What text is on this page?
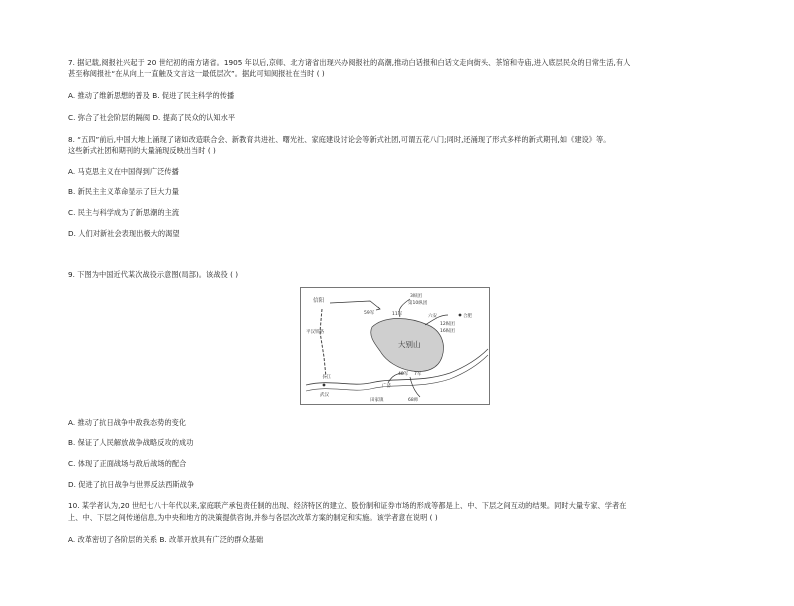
7. 据记载,阅报社兴起于 20 世纪初的南方诸省。1905 年以后,京师、北方诸省出现兴办阅报社的高潮,推动白话报和白话文走向街头、茶馆和寺庙,进入底层民众的日常生活,有人
甚至称阅报社“在从向上一直触及文言这一最低层次”。据此可知阅报社在当时 ( )
A. 推动了维新思想的普及 B. 促进了民主科学的传播
C. 弥合了社会阶层的隔阂 D. 提高了民众的认知水平
8. “五四”前后,中国大地上涌现了诸如改造联合会、新教育共进社、曙光社、家庭建设讨论会等新式社团,可谓五花八门;同时,还涌现了形式多样的新式期刊,如《建设》等。
这些新式社团和期刊的大量涌现反映出当时 ( )
A. 马克思主义在中国得到广泛传播
B. 新民主主义革命显示了巨大力量
C. 民主与科学成为了新思潮的主流
D. 人们对新社会表现出极大的渴望
9. 下图为中国近代某次战役示意图(局部)。该战役 ( )
信阳
59军
3纵团
第10纵团
11军	六安	合肥
12纵团
16纵团
平汉铁路
大别山
长江
武汉
广济
48军 7军
田家镇	68师
A. 推动了抗日战争中敌我态势的变化
B. 保证了人民解放战争战略反攻的成功
C. 体现了正面战场与敌后战场的配合
D. 促进了抗日战争与世界反法西斯战争
10. 某学者认为,20 世纪七八十年代以来,家庭联产承包责任制的出现、经济特区的建立、股份制和证券市场的形成等都是上、中、下层之间互动的结果。同时大量专家、学者在
上、中、下层之间传递信息,为中央和地方的决策提供咨询,并参与各层次改革方案的制定和实施。该学者意在说明 ( )
A. 改革密切了各阶层的关系 B. 改革开放具有广泛的群众基础
